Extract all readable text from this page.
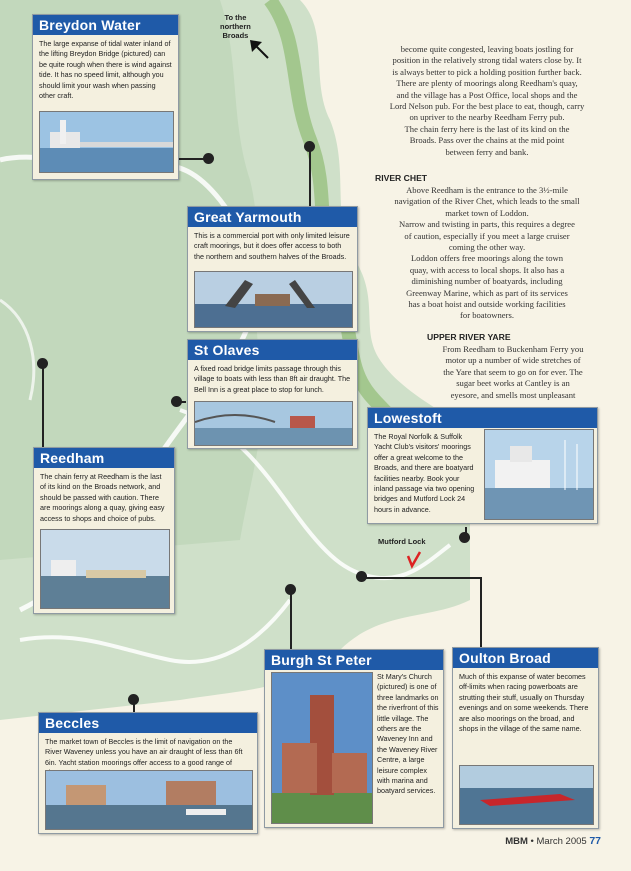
To the
northern
Broads
Mutford Lock
Breydon Water
The large expanse of tidal water inland of the lifting Breydon Bridge (pictured) can be quite rough when there is wind against tide. It has no speed limit, although you should limit your wash when passing other craft.
Great Yarmouth
This is a commercial port with only limited leisure craft moorings, but it does offer access to both the northern and southern halves of the Broads.
St Olaves
A fixed road bridge limits passage through this village to boats with less than 8ft air draught. The Bell Inn is a great place to stop for lunch.
Reedham
The chain ferry at Reedham is the last of its kind on the Broads network, and should be passed with caution. There are moorings along a quay, giving easy access to shops and choice of pubs.
Lowestoft
The Royal Norfolk & Suffolk Yacht Club's visitors' moorings offer a great welcome to the Broads, and there are boatyard facilities nearby. Book your inland passage via two opening bridges and Mutford Lock 24 hours in advance.
Burgh St Peter
St Mary's Church (pictured) is one of three landmarks on the riverfront of this little village. The others are the Waveney Inn and the Waveney River Centre, a large leisure complex with marina and boatyard services.
Oulton Broad
Much of this expanse of water becomes off-limits when racing powerboats are strutting their stuff, usually on Thursday evenings and on some weekends. There are also moorings on the broad, and shops in the village of the same name.
Beccles
The market town of Beccles is the limit of navigation on the River Waveney unless you have an air draught of less than 6ft 6in. Yacht station moorings offer access to a good range of

become quite congested, leaving boats jostling for

position in the relatively strong tidal waters close by. It

is always better to pick a holding position further back.

There are plenty of moorings along Reedham's quay,

and the village has a Post Office, local shops and the

Lord Nelson pub. For the best place to eat, though, carry

on upriver to the nearby Reedham Ferry pub.

The chain ferry here is the last of its kind on the

Broads. Pass over the chains at the mid point

between ferry and bank.

RIVER CHET

Above Reedham is the entrance to the 3½-mile

navigation of the River Chet, which leads to the small

market town of Loddon.

Narrow and twisting in parts, this requires a degree

of caution, especially if you meet a large cruiser

coming the other way.

Loddon offers free moorings along the town

quay, with access to local shops. It also has a

diminishing number of boatyards, including

Greenway Marine, which as part of its services

has a boat hoist and outside working facilities

for boatowners.

UPPER RIVER YARE

From Reedham to Buckenham Ferry you

motor up a number of wide stretches of

the Yare that seem to go on for ever. The

sugar beet works at Cantley is an

eyesore, and smells most unpleasant

MBM • March 2005 77
